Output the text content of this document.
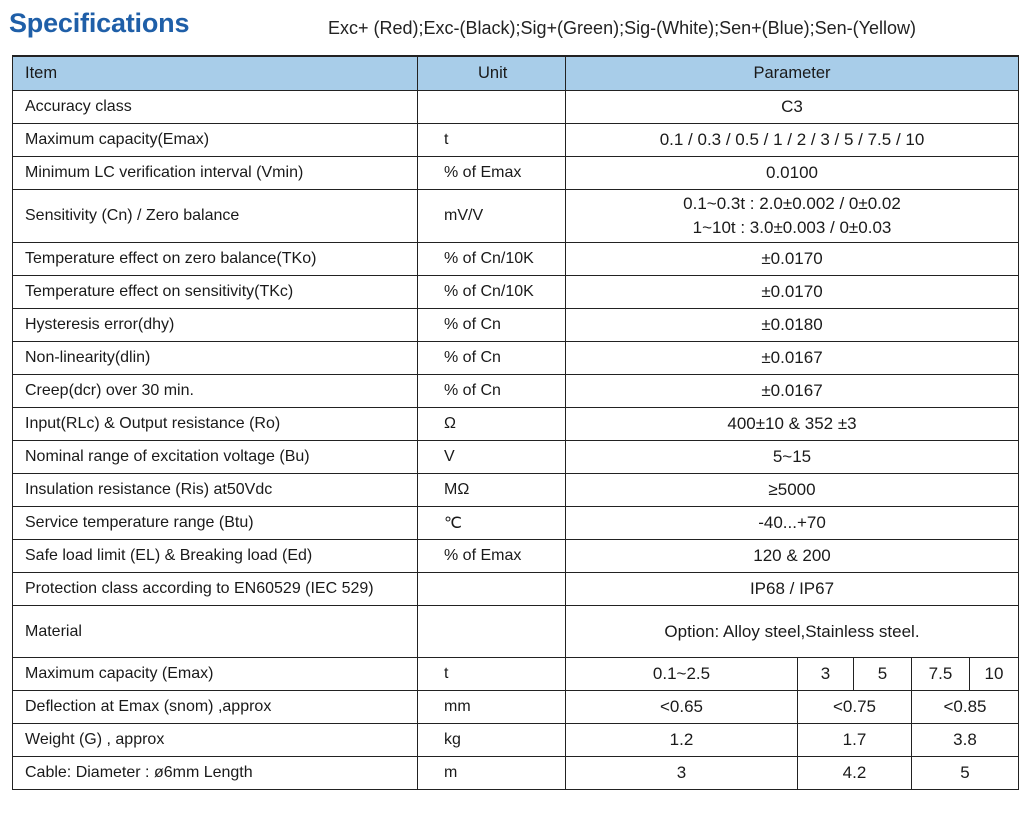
Specifications	Exc+ (Red);Exc-(Black);Sig+(Green);Sig-(White);Sen+(Blue);Sen-(Yellow)
Item	Unit	Parameter				
Accuracy class		C3				
Maximum capacity(Emax)	t	0.1 / 0.3 / 0.5 / 1 / 2 / 3 / 5 / 7.5 / 10				
Minimum LC verification interval (Vmin)	% of Emax	0.0100				
Sensitivity (Cn) / Zero balance	mV/V	0.1~0.3t : 2.0±0.002 / 0±0.02
1~10t : 3.0±0.003 / 0±0.03				

Temperature effect on zero balance(TKo)	% of Cn/10K	±0.0170				
Temperature effect on sensitivity(TKc)	% of Cn/10K	±0.0170				
Hysteresis error(dhy)	% of Cn	±0.0180				
Non-linearity(dlin)	% of Cn	±0.0167				
Creep(dcr) over 30 min.	% of Cn	±0.0167				
Input(RLc) & Output resistance (Ro)	Ω	400±10 & 352 ±3				
Nominal range of excitation voltage (Bu)	V	5~15				
Insulation resistance (Ris) at50Vdc	MΩ	≥5000				
Service temperature range (Btu)	℃	-40...+70				
Safe load limit (EL) & Breaking load (Ed)	% of Emax	120 & 200				
Protection class according to EN60529 (IEC 529)		IP68 / IP67				
Material		Option: Alloy steel,Stainless steel.				
Maximum capacity (Emax)	t	0.1~2.5	3	5	7.5	10
Deflection at Emax (snom) ,approx	mm	<0.65	<0.75		<0.85	
Weight (G) , approx	kg	1.2	1.7		3.8	
Cable: Diameter : ø6mm Length	m	3	4.2		5	
